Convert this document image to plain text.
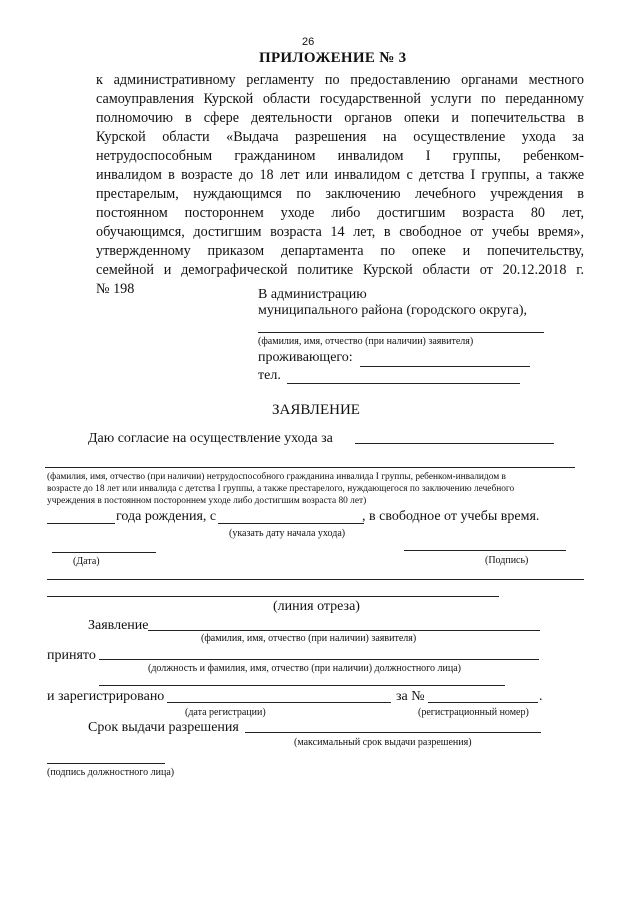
26
ПРИЛОЖЕНИЕ № 3
к административному регламенту по предоставлению органами местного
самоуправления Курской области государственной услуги по переданному
полномочию в сфере деятельности органов опеки и попечительства в
Курской области «Выдача разрешения на осуществление ухода за
нетрудоспособным гражданином инвалидом I группы, ребенком-
инвалидом в возрасте до 18 лет или инвалидом с детства I группы, а также
престарелым, нуждающимся по заключению лечебного учреждения в
постоянном постороннем уходе либо достигшим возраста 80 лет,
обучающимся, достигшим возраста 14 лет, в свободное от учебы время»,
утвержденному приказом департамента по опеке и попечительству,
семейной и демографической политике Курской области от 20.12.2018 г.
№ 198	В администрацию
муниципального района (городского округа),
(фамилия, имя, отчество (при наличии) заявителя)
проживающего:
тел.
ЗАЯВЛЕНИЕ
Даю согласие на осуществление ухода за
(фамилия, имя, отчество (при наличии) нетрудоспособного гражданина инвалида I группы, ребенком-инвалидом в
возрасте до 18 лет или инвалида с детства I группы, а также престарелого, нуждающегося по заключению лечебного
учреждения в постоянном постороннем уходе либо достигшим возраста 80 лет)
года рождения, с	, в свободное от учебы время.
(указать дату начала ухода)
(Дата)	(Подпись)
(линия отреза)
Заявление
(фамилия, имя, отчество (при наличии) заявителя)
принято
(должность и фамилия, имя, отчество (при наличии) должностного лица)
и зарегистрировано	за №	.
(дата регистрации)	(регистрационный номер)
Срок выдачи разрешения
(максимальный срок выдачи разрешения)
(подпись должностного лица)
